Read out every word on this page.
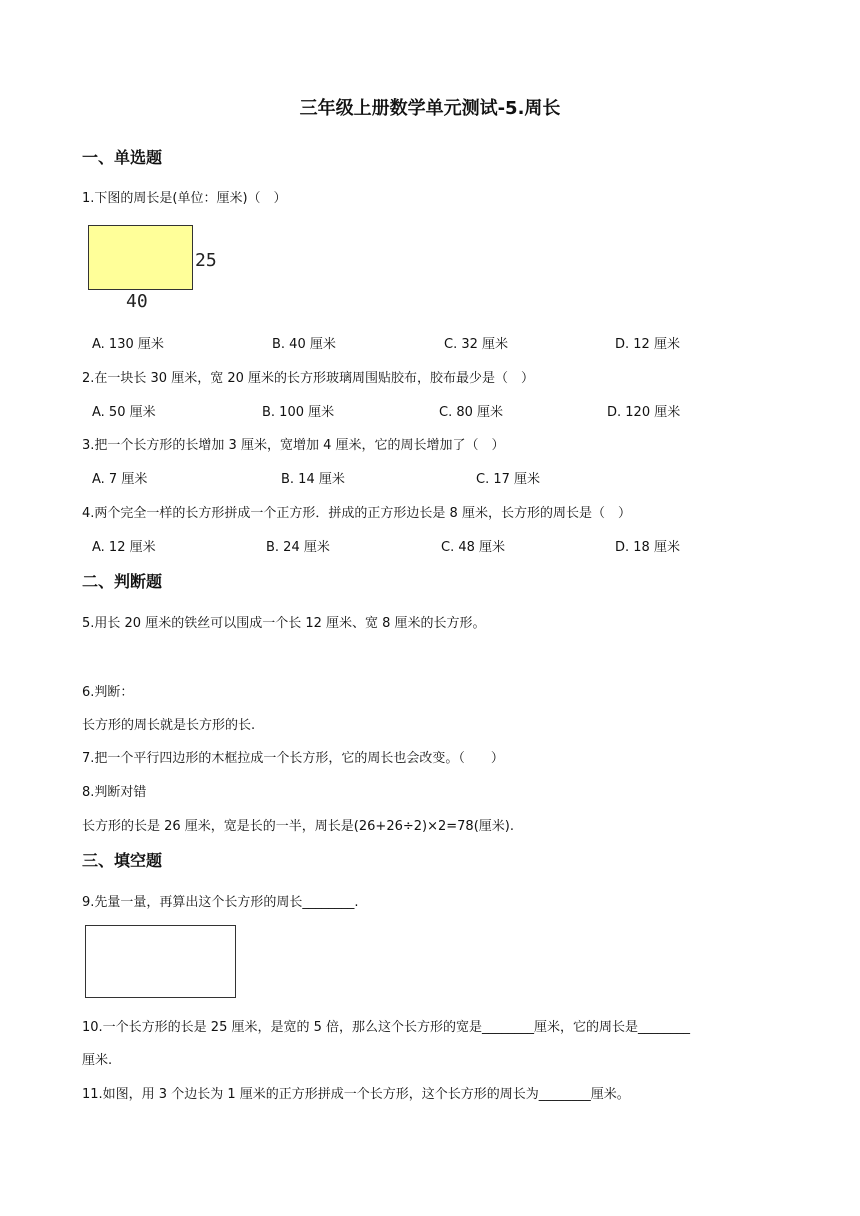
三年级上册数学单元测试-5.周长
一、单选题
1.下图的周长是(单位：厘米)（　）
25
40
A. 130 厘米	B. 40 厘米	C. 32 厘米	D. 12 厘米
2.在一块长 30 厘米，宽 20 厘米的长方形玻璃周围贴胶布，胶布最少是（　）
A. 50 厘米	B. 100 厘米	C. 80 厘米	D. 120 厘米
3.把一个长方形的长增加 3 厘米，宽增加 4 厘米，它的周长增加了（　）
A. 7 厘米	B. 14 厘米	C. 17 厘米
4.两个完全一样的长方形拼成一个正方形．拼成的正方形边长是 8 厘米，长方形的周长是（　）
A. 12 厘米	B. 24 厘米	C. 48 厘米	D. 18 厘米
二、判断题
5.用长 20 厘米的铁丝可以围成一个长 12 厘米、宽 8 厘米的长方形。
6.判断：
长方形的周长就是长方形的长.
7.把一个平行四边形的木框拉成一个长方形，它的周长也会改变。（　　）
8.判断对错
长方形的长是 26 厘米，宽是长的一半，周长是(26+26÷2)×2=78(厘米).
三、填空题
9.先量一量，再算出这个长方形的周长________.
10.一个长方形的长是 25 厘米，是宽的 5 倍，那么这个长方形的宽是________厘米，它的周长是________
厘米.
11.如图，用 3 个边长为 1 厘米的正方形拼成一个长方形，这个长方形的周长为________厘米。
